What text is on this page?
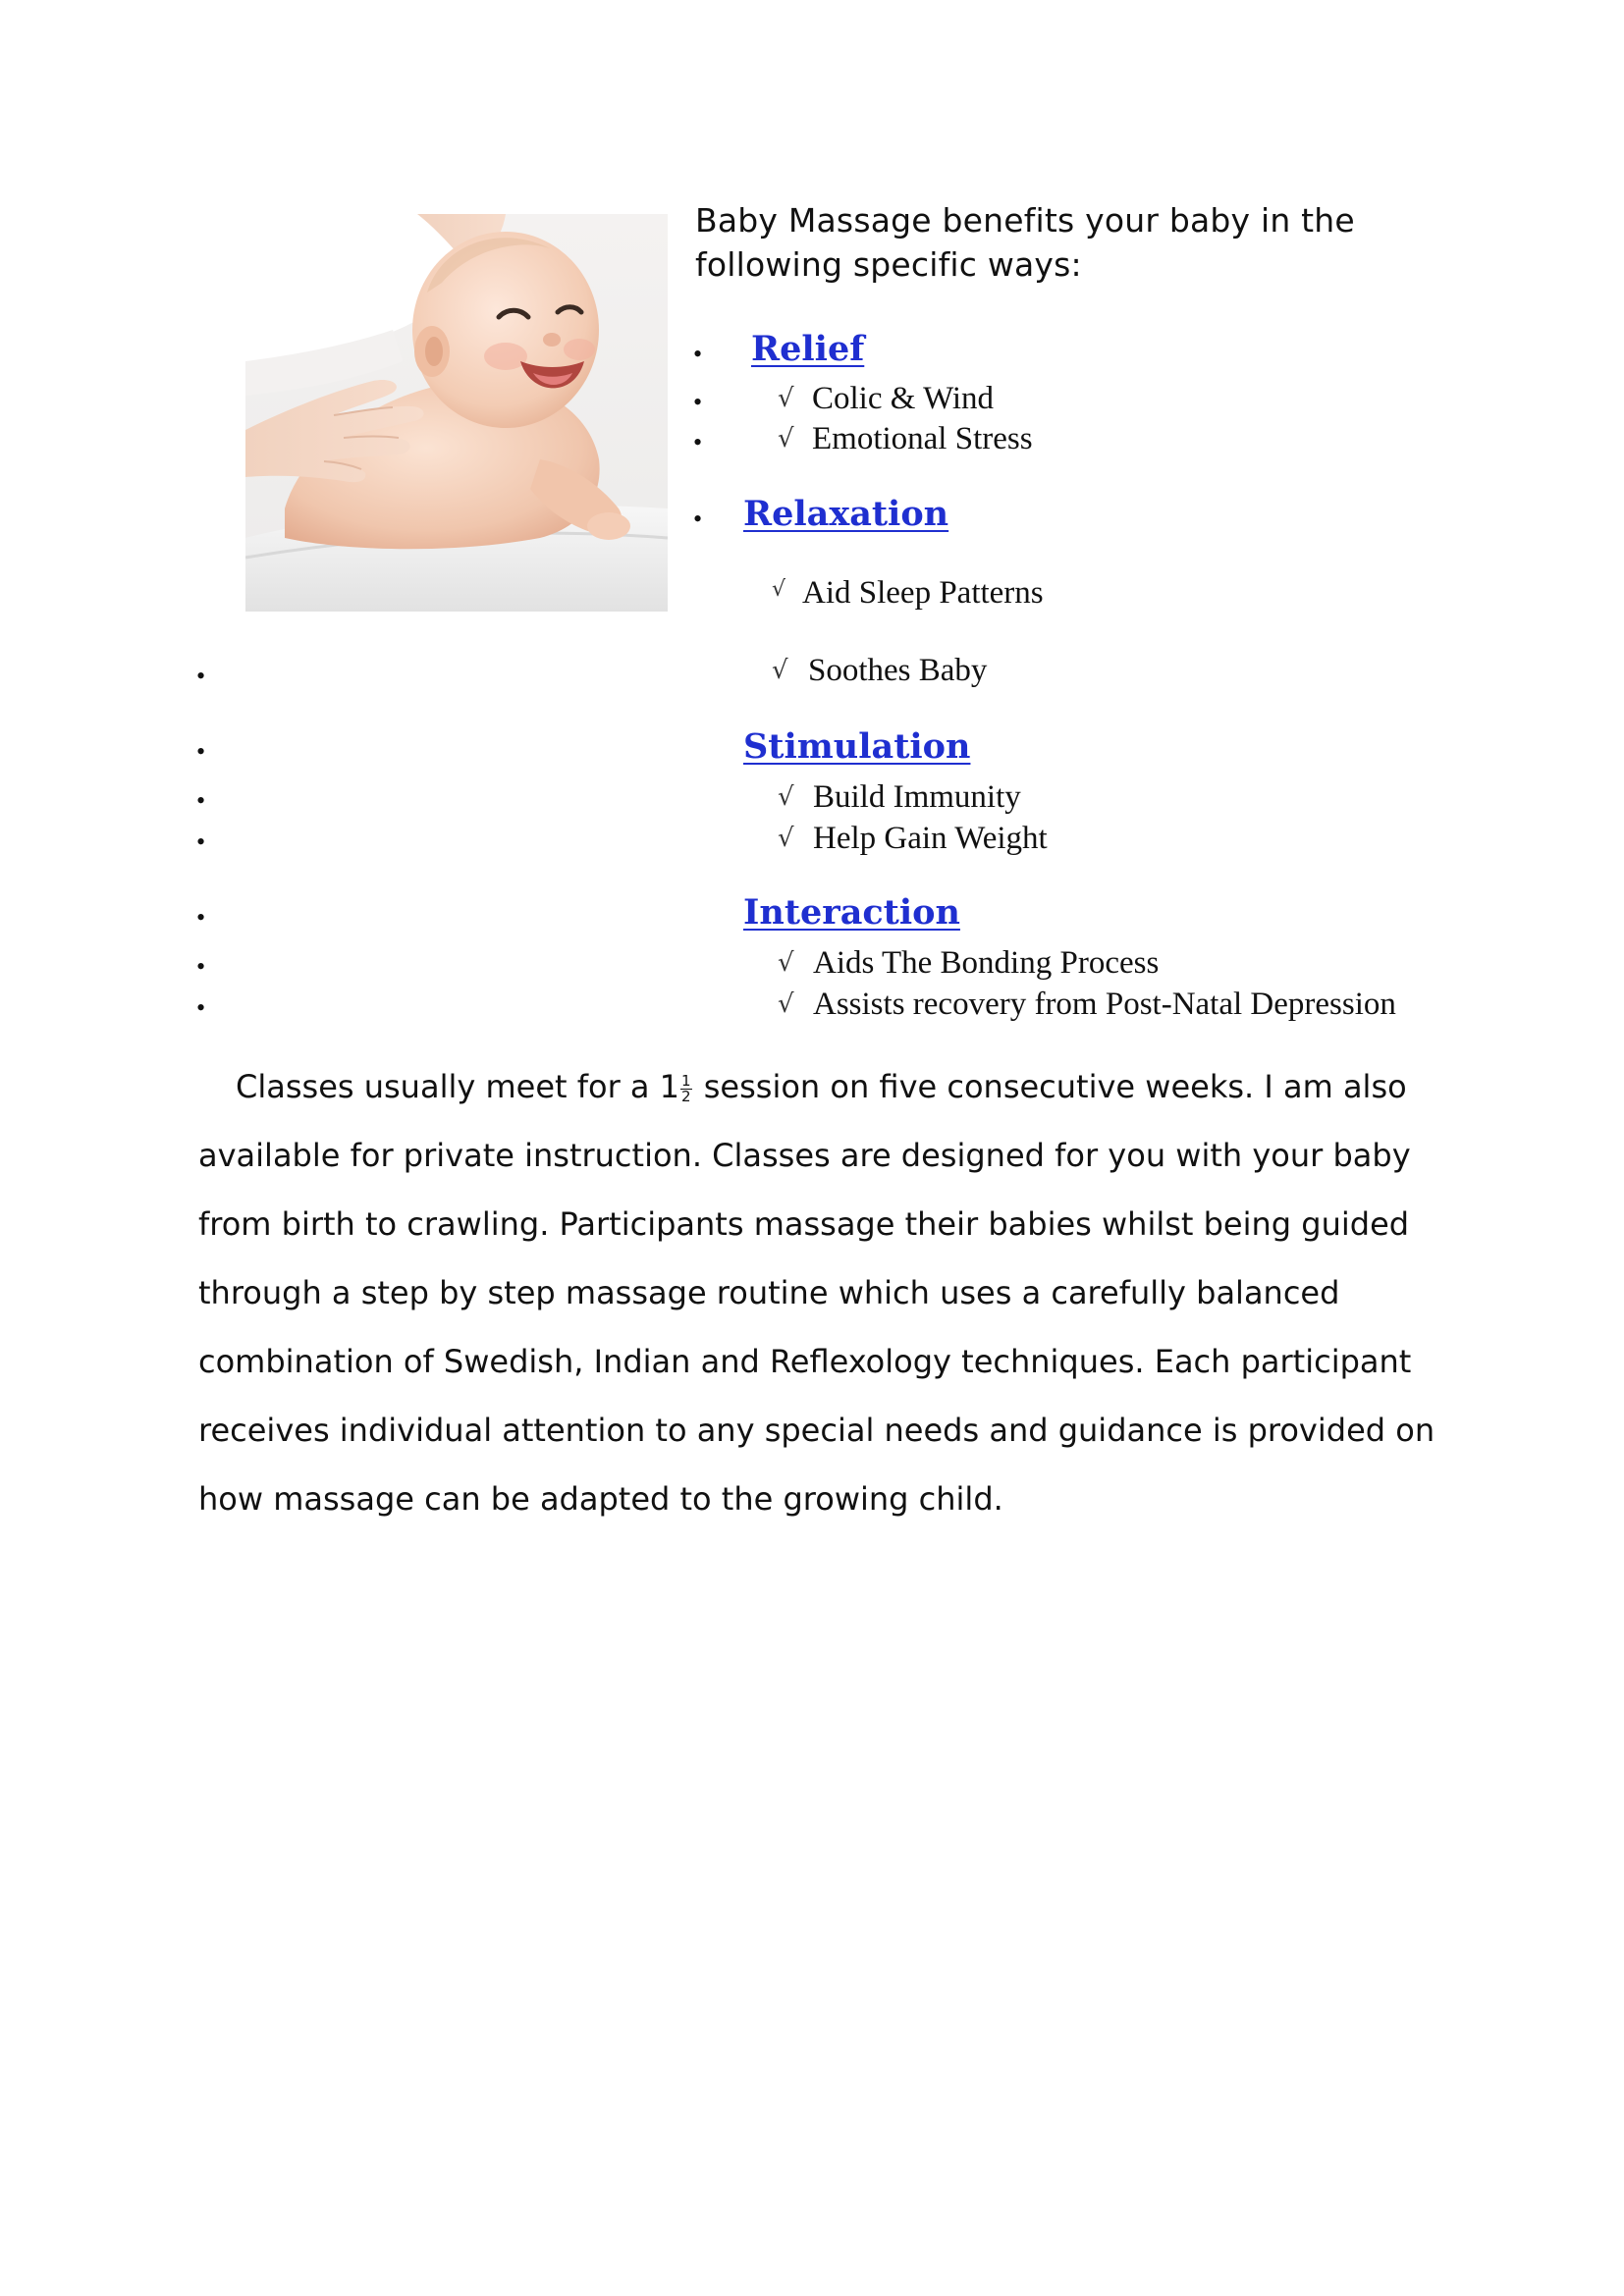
Baby Massage benefits your baby in the
following specific ways:
• Relief
•	√ Colic & Wind
•	√ Emotional Stress
• Relaxation
√ Aid Sleep Patterns
•	√ Soothes Baby
•	Stimulation
•	√ Build Immunity
•	√ Help Gain Weight
•	Interaction
•	√ Aids The Bonding Process
•	√ Assists recovery from Post-Natal Depression
Classes usually meet for a $1 \frac{1}{2}$ session on five consecutive weeks. I am also
available for private instruction. Classes are designed for you with your baby
from birth to crawling. Participants massage their babies whilst being guided
through a step by step massage routine which uses a carefully balanced
combination of Swedish, Indian and Reflexology techniques. Each participant
receives individual attention to any special needs and guidance is provided on
how massage can be adapted to the growing child.
